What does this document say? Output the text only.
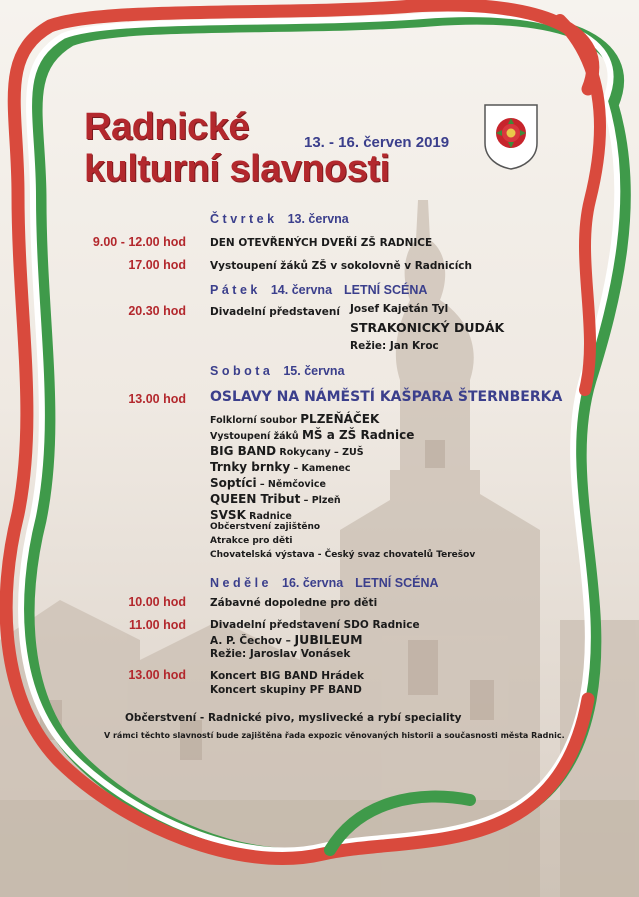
Radnické
kulturní slavnosti
13. - 16. červen 2019
Čtvrtek 13. června
9.00 - 12.00 hod DEN OTEVŘENÝCH DVEŘÍ ZŠ RADNICE
17.00 hod Vystoupení žáků ZŠ v sokolovně v Radnicích
Pátek 14. června LETNÍ SCÉNA
20.30 hod Divadelní představení Josef Kajetán Tyl
STRAKONICKÝ DUDÁK
Režie: Jan Kroc
Sobota 15. června
13.00 hod OSLAVY NA NÁMĚSTÍ KAŠPARA ŠTERNBERKA
Folklorní soubor PLZEŇÁČEK
Vystoupení žáků MŠ a ZŠ Radnice
BIG BAND Rokycany – ZUŠ
Trnky brnky – Kamenec
Soptíci – Němčovice
QUEEN Tribut – Plzeň
SVSK Radnice
Občerstvení zajištěno
Atrakce pro děti
Chovatelská výstava - Český svaz chovatelů Terešov
Neděle 16. června LETNÍ SCÉNA
10.00 hod Zábavné dopoledne pro děti
11.00 hod Divadelní představení SDO Radnice
A. P. Čechov – JUBILEUM
Režie: Jaroslav Vonásek
13.00 hod Koncert BIG BAND Hrádek
Koncert skupiny PF BAND
Občerstvení - Radnické pivo, myslivecké a rybí speciality
V rámci těchto slavností bude zajištěna řada expozic věnovaných historii a současnosti města Radnic.
